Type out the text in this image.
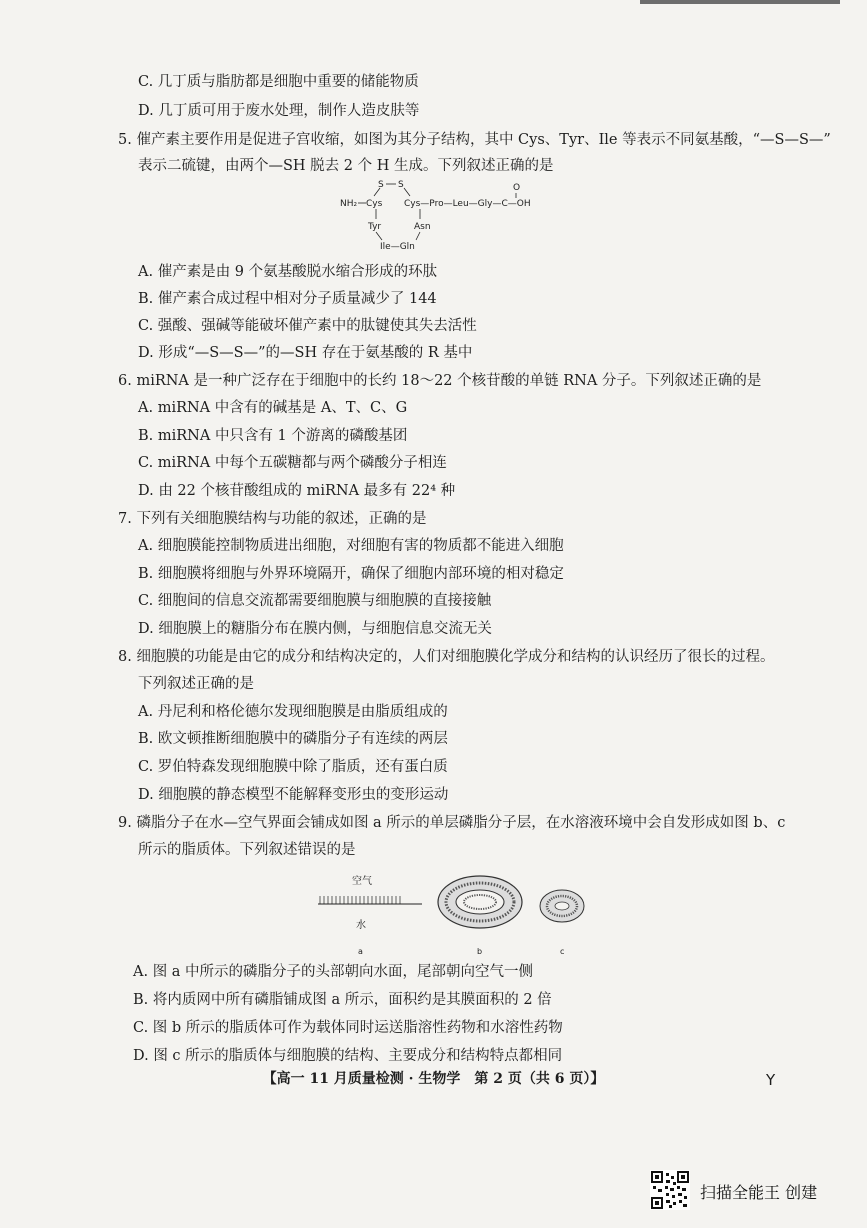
C. 几丁质与脂肪都是细胞中重要的储能物质
D. 几丁质可用于废水处理，制作人造皮肤等
5. 催产素主要作用是促进子宫收缩，如图为其分子结构，其中 Cys、Tyr、Ile 等表示不同氨基酸，“—S—S—”
表示二硫键，由两个—SH 脱去 2 个 H 生成。下列叙述正确的是
NH₂ Cys
S S
Cys—Pro—Leu—Gly—C—OH
O
Tyr	Asn
Ile—Gln
A. 催产素是由 9 个氨基酸脱水缩合形成的环肽
B. 催产素合成过程中相对分子质量减少了 144
C. 强酸、强碱等能破坏催产素中的肽键使其失去活性
D. 形成“—S—S—”的—SH 存在于氨基酸的 R 基中
6. miRNA 是一种广泛存在于细胞中的长约 18～22 个核苷酸的单链 RNA 分子。下列叙述正确的是
A. miRNA 中含有的碱基是 A、T、C、G
B. miRNA 中只含有 1 个游离的磷酸基团
C. miRNA 中每个五碳糖都与两个磷酸分子相连
D. 由 22 个核苷酸组成的 miRNA 最多有 22⁴ 种
7. 下列有关细胞膜结构与功能的叙述，正确的是
A. 细胞膜能控制物质进出细胞，对细胞有害的物质都不能进入细胞
B. 细胞膜将细胞与外界环境隔开，确保了细胞内部环境的相对稳定
C. 细胞间的信息交流都需要细胞膜与细胞膜的直接接触
D. 细胞膜上的糖脂分布在膜内侧，与细胞信息交流无关
8. 细胞膜的功能是由它的成分和结构决定的，人们对细胞膜化学成分和结构的认识经历了很长的过程。
下列叙述正确的是
A. 丹尼利和格伦德尔发现细胞膜是由脂质组成的
B. 欧文顿推断细胞膜中的磷脂分子有连续的两层
C. 罗伯特森发现细胞膜中除了脂质，还有蛋白质
D. 细胞膜的静态模型不能解释变形虫的变形运动
9. 磷脂分子在水—空气界面会铺成如图 a 所示的单层磷脂分子层，在水溶液环境中会自发形成如图 b、c
所示的脂质体。下列叙述错误的是
空气
水
a	b	c
A. 图 a 中所示的磷脂分子的头部朝向水面，尾部朝向空气一侧
B. 将内质网中所有磷脂铺成图 a 所示，面积约是其膜面积的 2 倍
C. 图 b 所示的脂质体可作为载体同时运送脂溶性药物和水溶性药物
D. 图 c 所示的脂质体与细胞膜的结构、主要成分和结构特点都相同
【高一 11 月质量检测 · 生物学　第 2 页（共 6 页）】	Y
扫描全能王 创建
